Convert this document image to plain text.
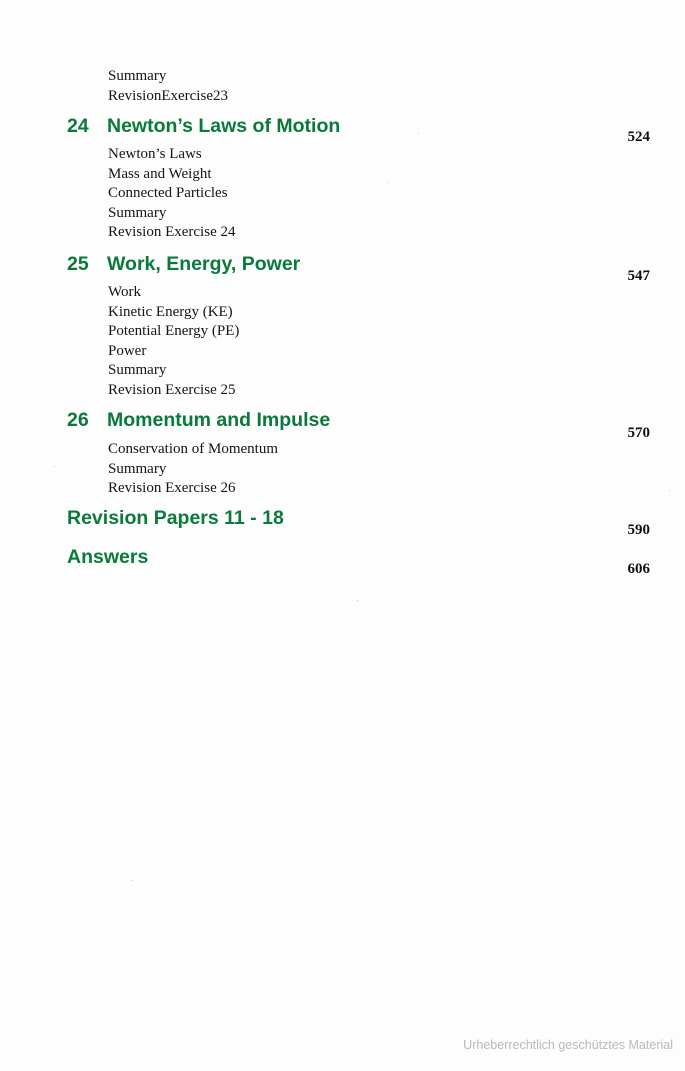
Summary
RevisionExercise23
24 Newton’s Laws of Motion	524
Newton’s Laws
Mass and Weight
Connected Particles
Summary
Revision Exercise 24
25 Work, Energy, Power
547
Work
Kinetic Energy (KE)
Potential Energy (PE)
Power
Summary
Revision Exercise 25
26 Momentum and Impulse
570
Conservation of Momentum
Summary
Revision Exercise 26
Revision Papers 11 - 18
590
Answers
606
Urheberrechtlich geschütztes Material
